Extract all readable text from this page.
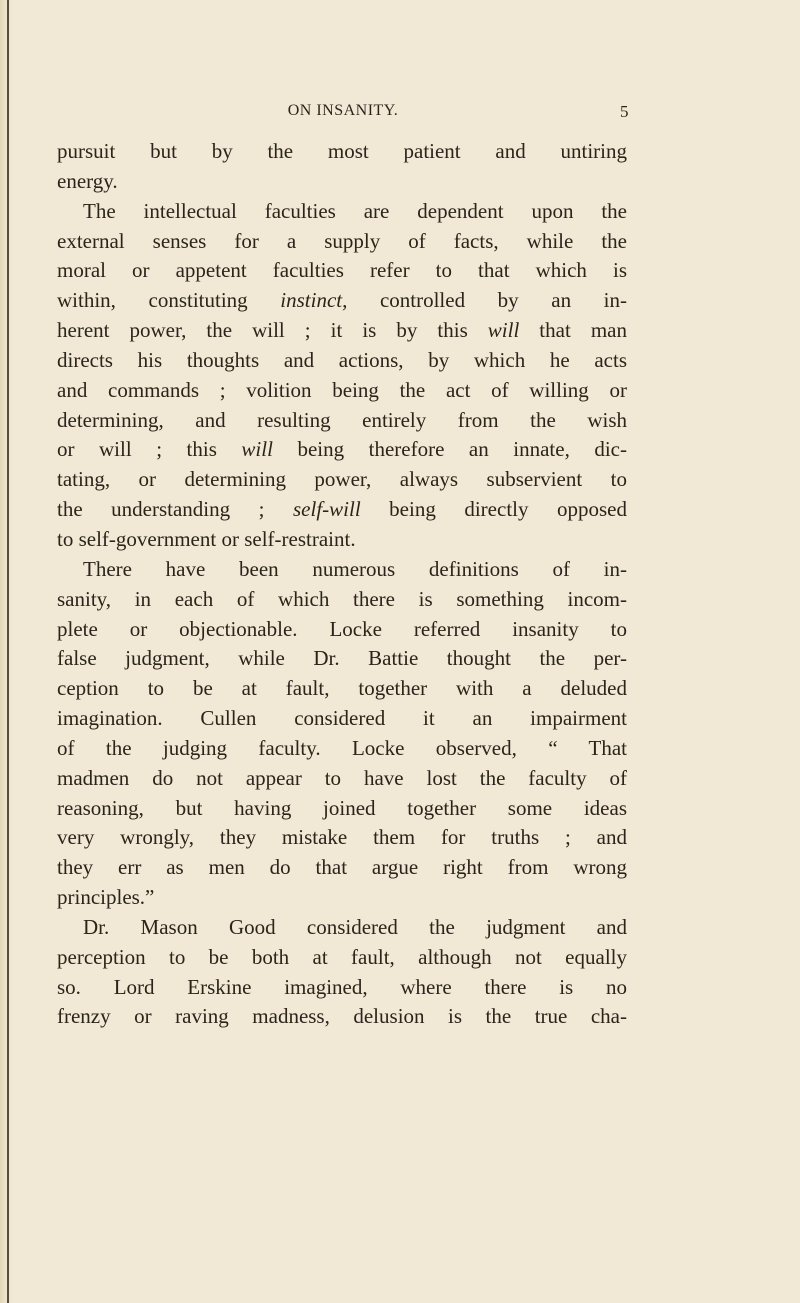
ON INSANITY.	5
pursuit but by the most patient and untiring
energy.
The intellectual faculties are dependent upon the
external senses for a supply of facts, while the
moral or appetent faculties refer to that which is
within, constituting instinct, controlled by an in-
herent power, the will ; it is by this will that man
directs his thoughts and actions, by which he acts
and commands ; volition being the act of willing or
determining, and resulting entirely from the wish
or will ; this will being therefore an innate, dic-
tating, or determining power, always subservient to
the understanding ; self-will being directly opposed
to self-government or self-restraint.
There have been numerous definitions of in-
sanity, in each of which there is something incom-
plete or objectionable. Locke referred insanity to
false judgment, while Dr. Battie thought the per-
ception to be at fault, together with a deluded
imagination. Cullen considered it an impairment
of the judging faculty. Locke observed, “ That
madmen do not appear to have lost the faculty of
reasoning, but having joined together some ideas
very wrongly, they mistake them for truths ; and
they err as men do that argue right from wrong
principles.”
Dr. Mason Good considered the judgment and
perception to be both at fault, although not equally
so. Lord Erskine imagined, where there is no
frenzy or raving madness, delusion is the true cha-
